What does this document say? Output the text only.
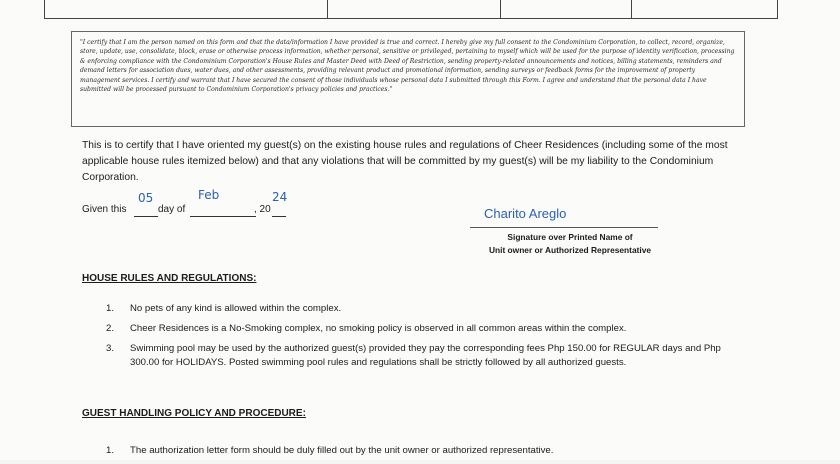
"I certify that I am the person named on this form and that the data/information I have provided is true and correct. I hereby give my full consent to the Condominium Corporation, to collect, record, organize, store, update, use, consolidate, block, erase or otherwise process information, whether personal, sensitive or privileged, pertaining to myself which will be used for the purpose of identity verification, processing & enforcing compliance with the Condominium Corporation's House Rules and Master Deed with Deed of Restriction, sending property-related announcements and notices, billing statements, reminders and demand letters for association dues, water dues, and other assessments, providing relevant product and promotional information, sending surveys or feedback forms for the improvement of property management services. I certify and warrant that I have secured the consent of those individuals whose personal data I submitted through this Form. I agree and understand that the personal data I have submitted will be processed pursuant to Condominium Corporation's privacy policies and practices."

This is to certify that I have oriented my guest(s) on the existing house rules and regulations of Cheer Residences (including some of the most applicable house rules itemized below) and that any violations that will be committed by my guest(s) will be my liability to the Condominium Corporation.

Given this
05
day of
Feb
, 20
24
Charito Areglo
Signature over Printed Name of
Unit owner or Authorized Representative

HOUSE RULES AND REGULATIONS:

1. No pets of any kind is allowed within the complex.
2. Cheer Residences is a No-Smoking complex, no smoking policy is observed in all common areas within the complex.
3. Swimming pool may be used by the authorized guest(s) provided they pay the corresponding fees Php 150.00 for REGULAR days and Php 300.00 for HOLIDAYS. Posted swimming pool rules and regulations shall be strictly followed by all authorized guests.

GUEST HANDLING POLICY AND PROCEDURE:

1. The authorization letter form should be duly filled out by the unit owner or authorized representative.
